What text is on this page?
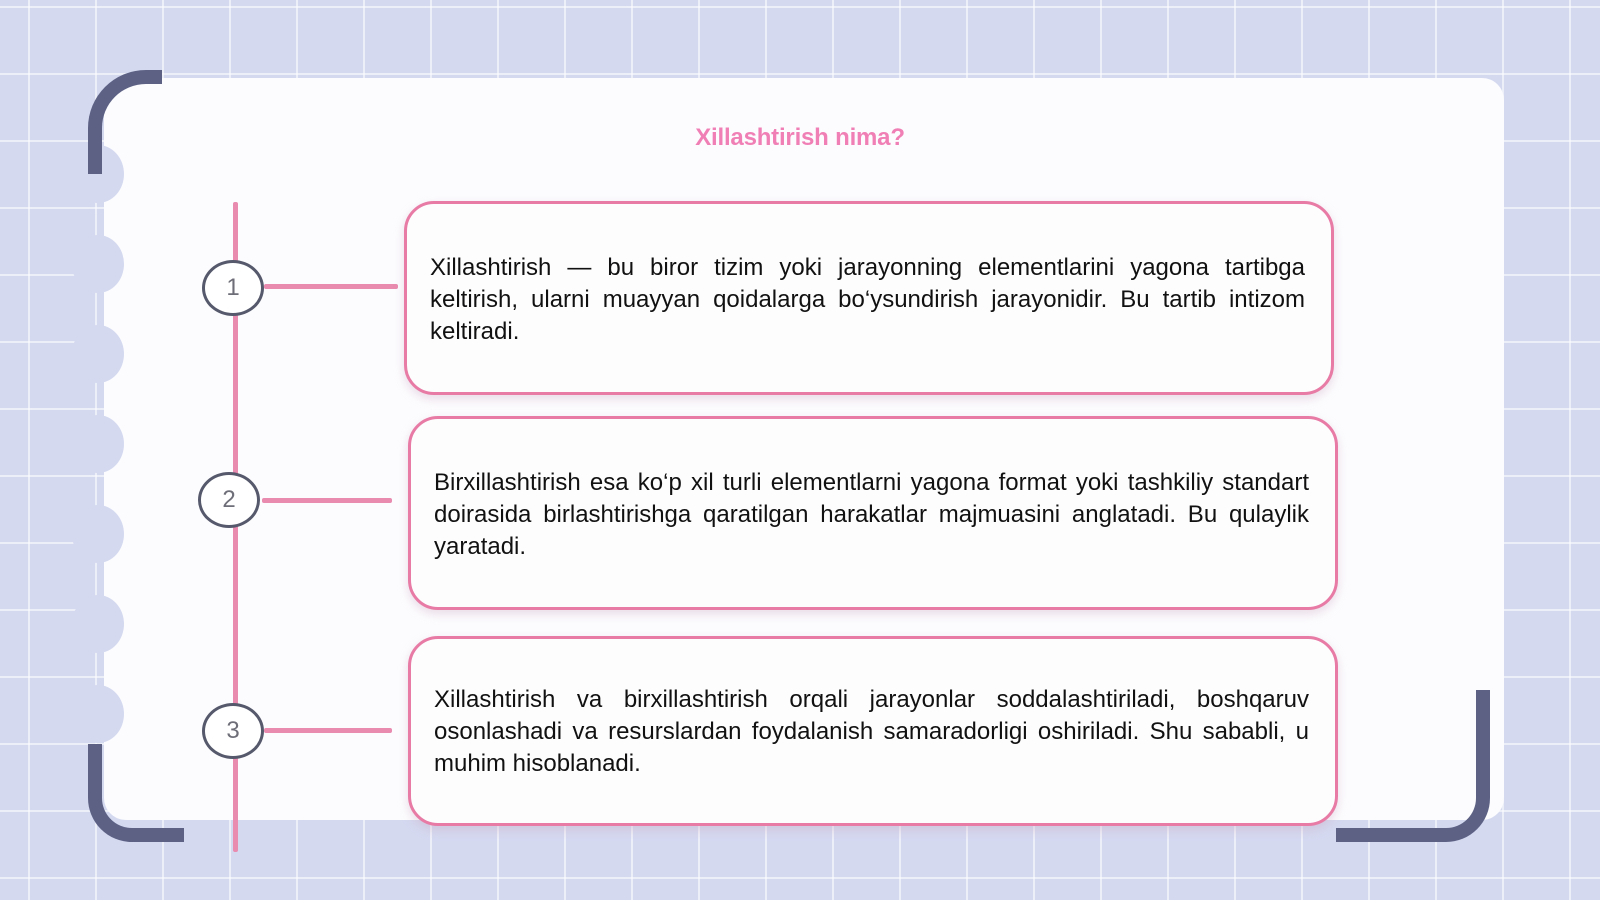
Xillashtirish nima?
1
2
3
Xillashtirish — bu biror tizim yoki jarayonning elementlarini yagona tartibga keltirish, ularni muayyan qoidalarga bo‘ysundirish jarayonidir. Bu tartib intizom keltiradi.
Birxillashtirish esa ko‘p xil turli elementlarni yagona format yoki tashkiliy standart doirasida birlashtirishga qaratilgan harakatlar majmuasini anglatadi. Bu qulaylik yaratadi.
Xillashtirish va birxillashtirish orqali jarayonlar soddalashtiriladi, boshqaruv osonlashadi va resurslardan foydalanish samaradorligi oshiriladi. Shu sababli, u muhim hisoblanadi.
